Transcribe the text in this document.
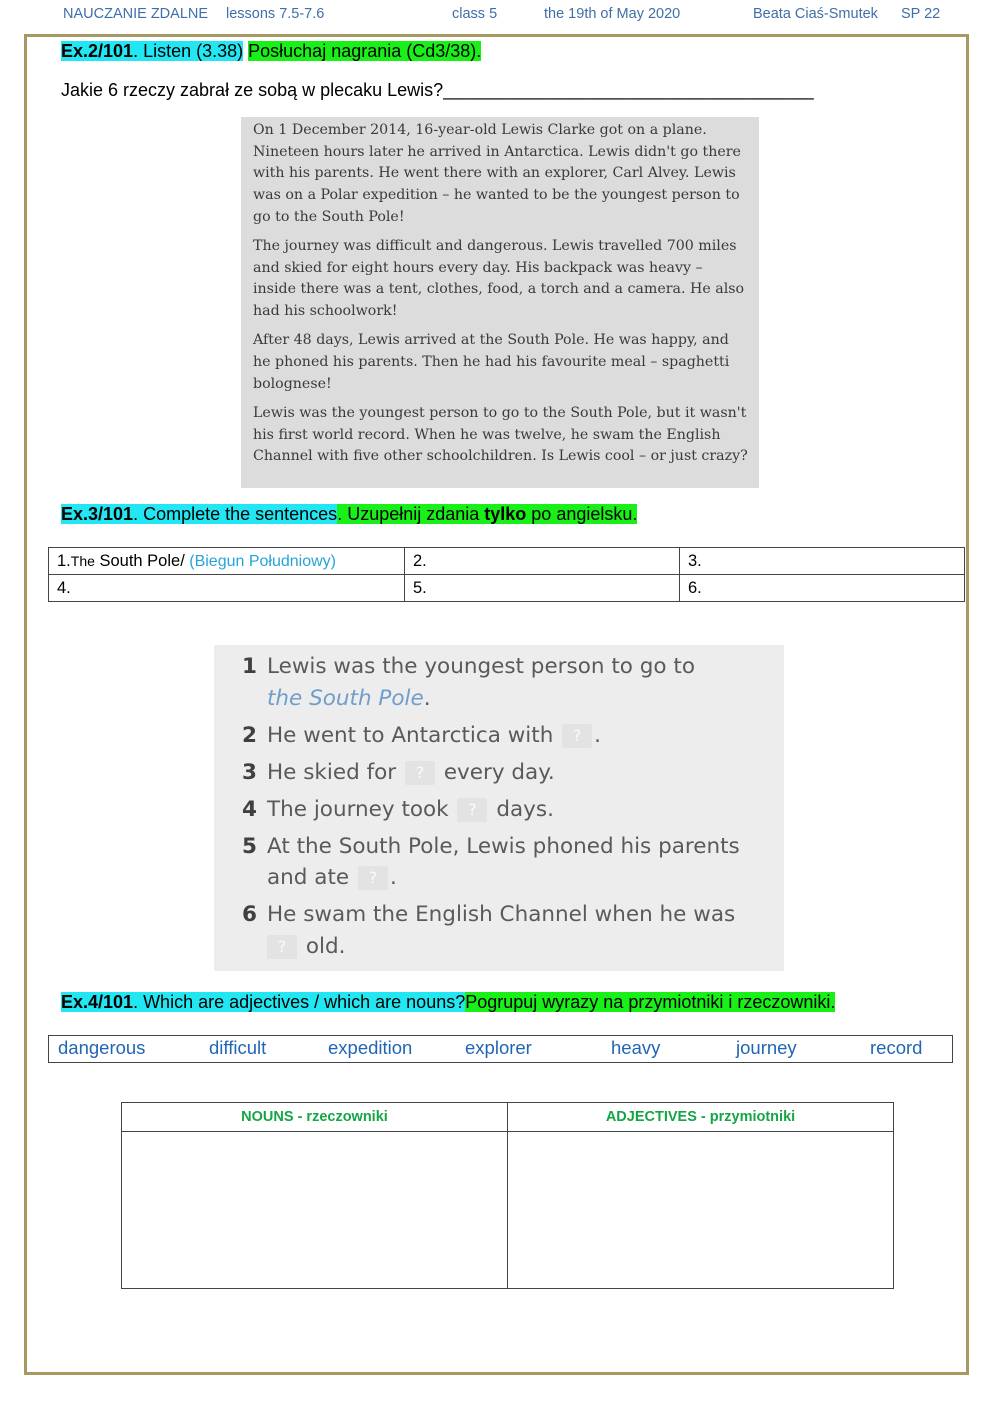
NAUCZANIE ZDALNE lessons 7.5-7.6	class 5	the 19th of May 2020	Beata Ciaś-Smutek SP 22
Ex.2/101. Listen (3.38) Posłuchaj nagrania (Cd3/38).
Jakie 6 rzeczy zabrał ze sobą w plecaku Lewis?_____________________________________

On 1 December 2014, 16-year-old Lewis Clarke got on a plane. Nineteen hours later he arrived in Antarctica. Lewis didn't go there with his parents. He went there with an explorer, Carl Alvey. Lewis was on a Polar expedition – he wanted to be the youngest person to go to the South Pole!

The journey was difficult and dangerous. Lewis travelled 700 miles and skied for eight hours every day. His backpack was heavy – inside there was a tent, clothes, food, a torch and a camera. He also had his schoolwork!

After 48 days, Lewis arrived at the South Pole. He was happy, and he phoned his parents. Then he had his favourite meal – spaghetti bolognese!

Lewis was the youngest person to go to the South Pole, but it wasn't his first world record. When he was twelve, he swam the English Channel with five other schoolchildren. Is Lewis cool – or just crazy?

Ex.3/101. Complete the sentences. Uzupełnij zdania tylko po angielsku.
1.The South Pole/ (Biegun Południowy)	2.	3.
4.	5.	6.
1 Lewis was the youngest person to go to
the South Pole.
2 He went to Antarctica with ? .
3 He skied for ? every day.
4 The journey took ? days.
5 At the South Pole, Lewis phoned his parents
and ate ? .
6 He swam the English Channel when he was
? old.
Ex.4/101. Which are adjectives / which are nouns?Pogrupuj wyrazy na przymiotniki i rzeczowniki.
dangerous	difficult	expedition	explorer	heavy	journey	record
NOUNS - rzeczowniki	ADJECTIVES - przymiotniki
